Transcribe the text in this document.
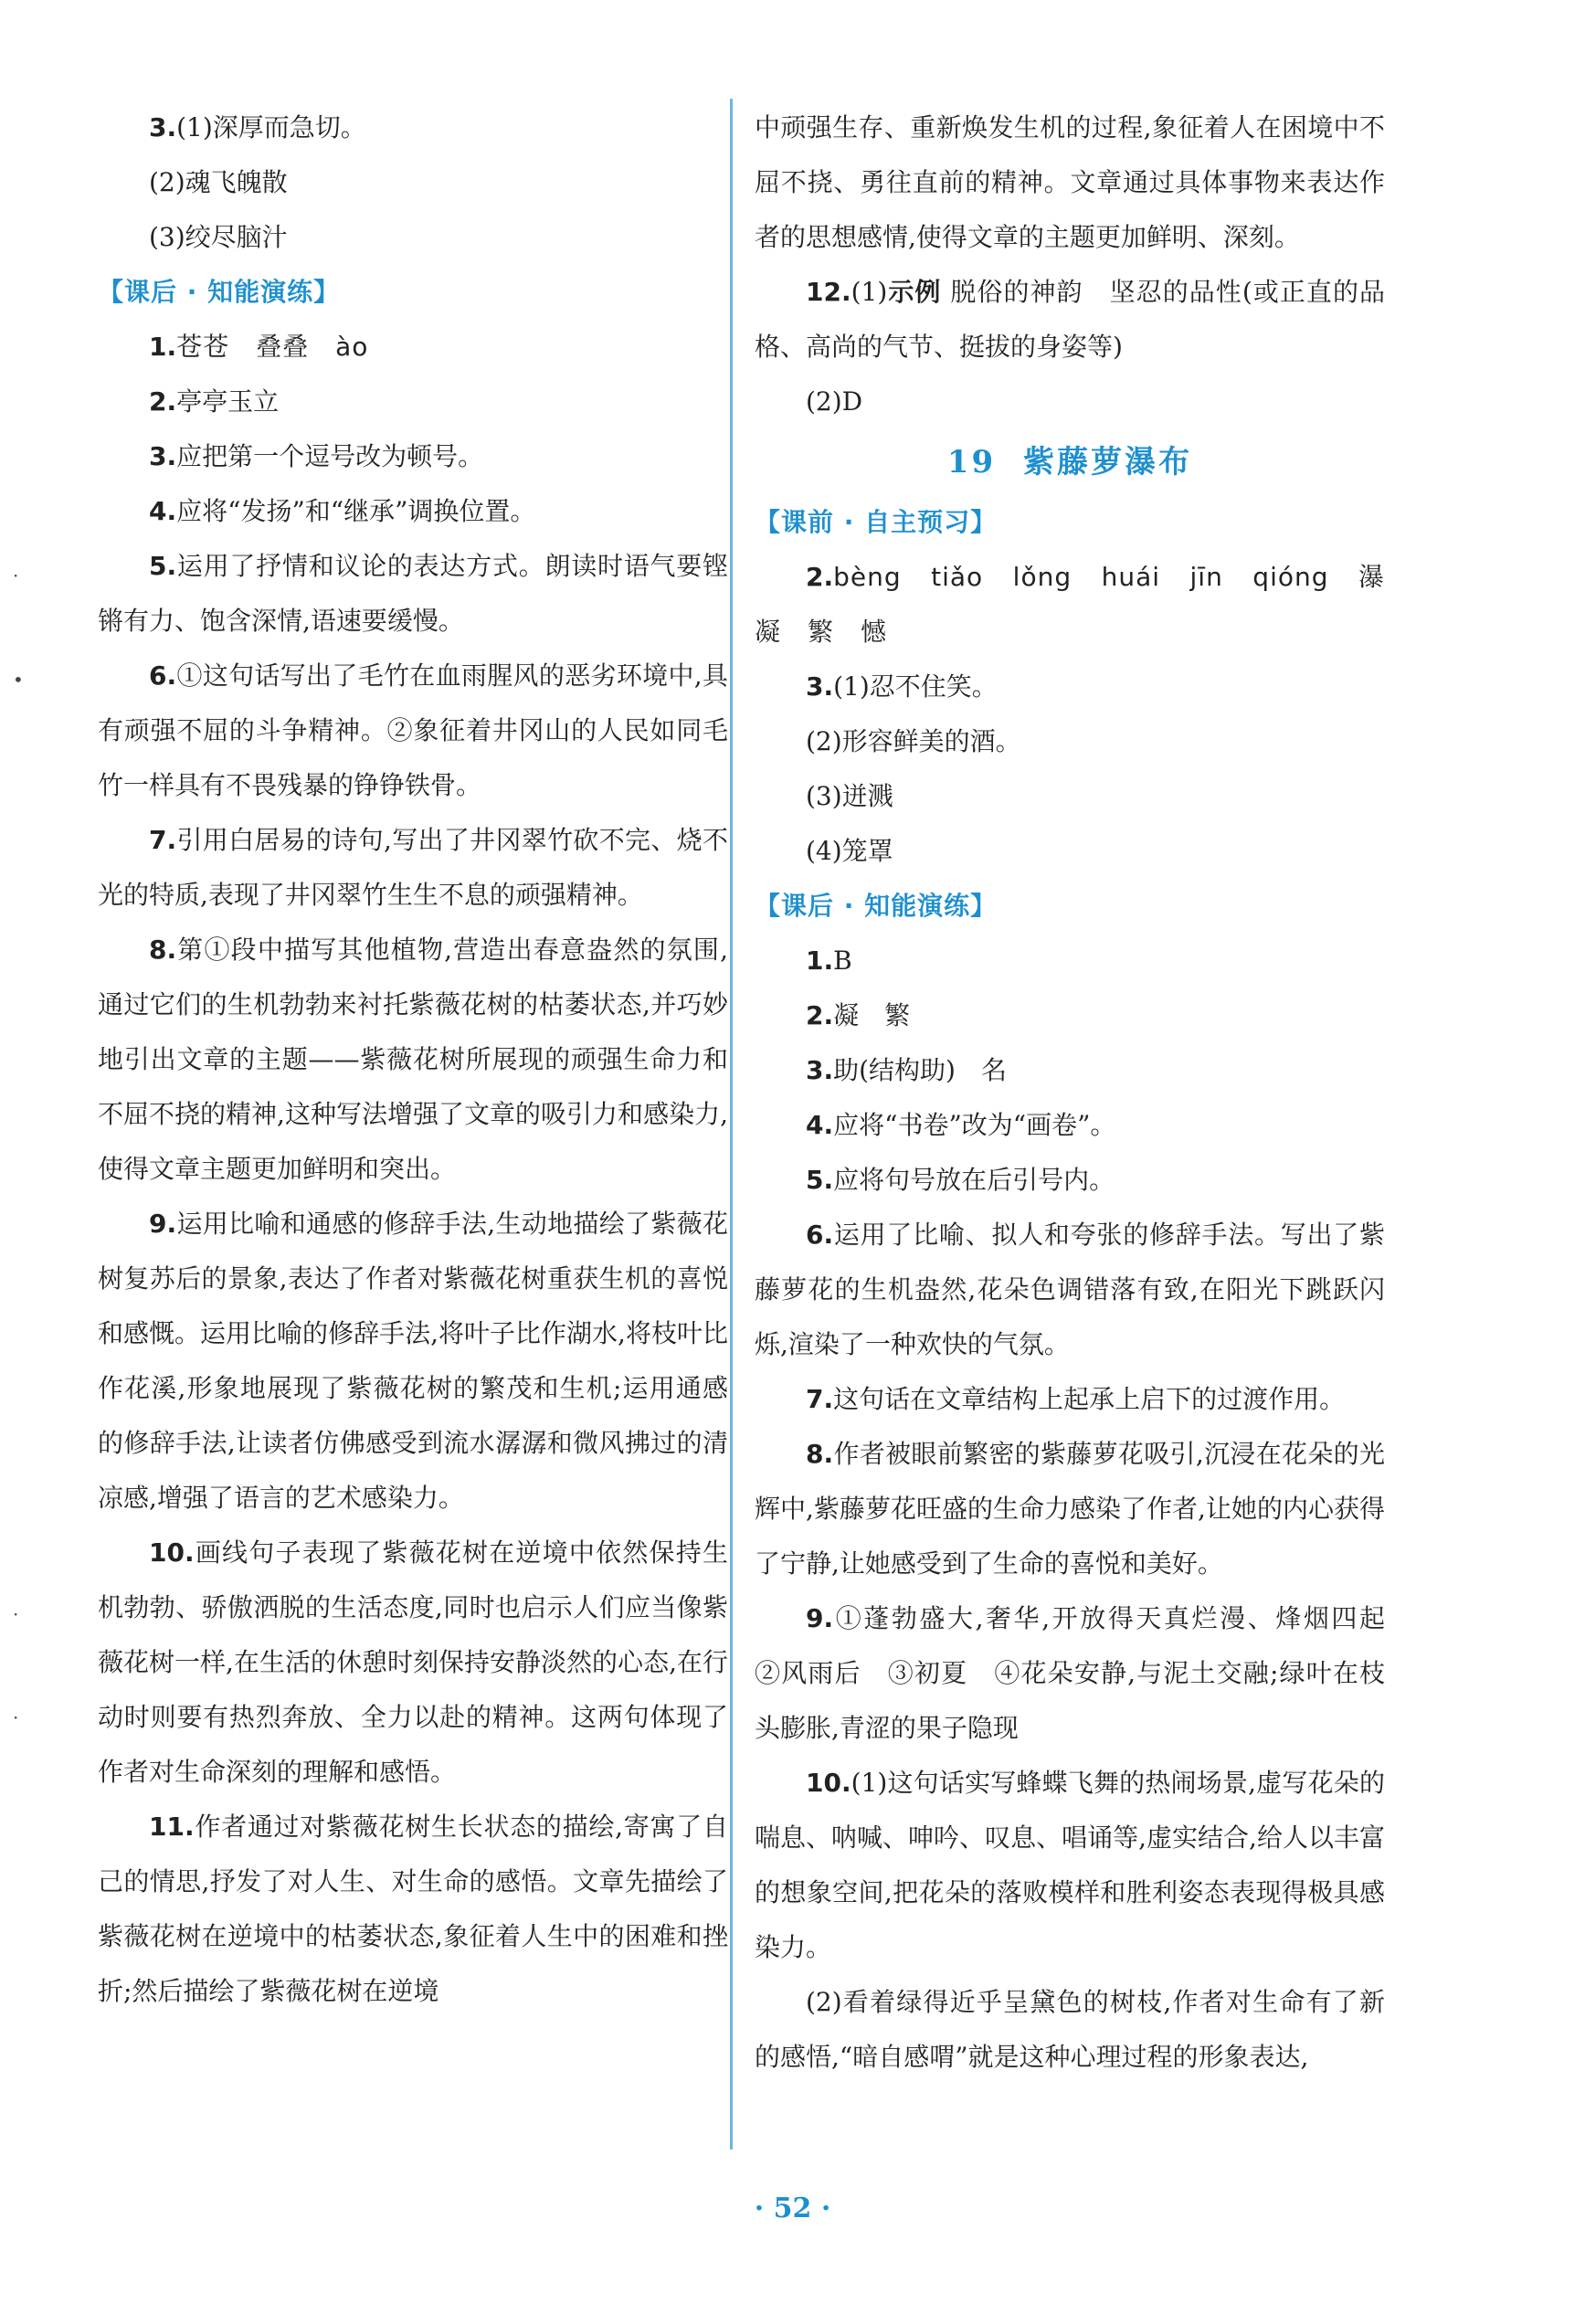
3.(1)深厚而急切。

(2)魂飞魄散

(3)绞尽脑汁

【课后 · 知能演练】

1.苍苍　叠叠　ào

2.亭亭玉立

3.应把第一个逗号改为顿号。

4.应将“发扬”和“继承”调换位置。

5.运用了抒情和议论的表达方式。朗读时语气要铿锵有力、饱含深情,语速要缓慢。

6.①这句话写出了毛竹在血雨腥风的恶劣环境中,具有顽强不屈的斗争精神。②象征着井冈山的人民如同毛竹一样具有不畏残暴的铮铮铁骨。

7.引用白居易的诗句,写出了井冈翠竹砍不完、烧不光的特质,表现了井冈翠竹生生不息的顽强精神。

8.第①段中描写其他植物,营造出春意盎然的氛围,通过它们的生机勃勃来衬托紫薇花树的枯萎状态,并巧妙地引出文章的主题——紫薇花树所展现的顽强生命力和不屈不挠的精神,这种写法增强了文章的吸引力和感染力,使得文章主题更加鲜明和突出。

9.运用比喻和通感的修辞手法,生动地描绘了紫薇花树复苏后的景象,表达了作者对紫薇花树重获生机的喜悦和感慨。运用比喻的修辞手法,将叶子比作湖水,将枝叶比作花溪,形象地展现了紫薇花树的繁茂和生机;运用通感的修辞手法,让读者仿佛感受到流水潺潺和微风拂过的清凉感,增强了语言的艺术感染力。

10.画线句子表现了紫薇花树在逆境中依然保持生机勃勃、骄傲洒脱的生活态度,同时也启示人们应当像紫薇花树一样,在生活的休憩时刻保持安静淡然的心态,在行动时则要有热烈奔放、全力以赴的精神。这两句体现了作者对生命深刻的理解和感悟。

11.作者通过对紫薇花树生长状态的描绘,寄寓了自己的情思,抒发了对人生、对生命的感悟。文章先描绘了紫薇花树在逆境中的枯萎状态,象征着人生中的困难和挫折;然后描绘了紫薇花树在逆境

中顽强生存、重新焕发生机的过程,象征着人在困境中不屈不挠、勇往直前的精神。文章通过具体事物来表达作者的思想感情,使得文章的主题更加鲜明、深刻。

12.(1)示例 脱俗的神韵　坚忍的品性(或正直的品格、高尚的气节、挺拔的身姿等)

(2)D

19 紫藤萝瀑布

【课前 · 自主预习】

2.bèng　tiǎo　lǒng　huái　jīn　qióng　瀑　凝　繁　憾

3.(1)忍不住笑。

(2)形容鲜美的酒。

(3)迸溅

(4)笼罩

【课后 · 知能演练】

1.B

2.凝　繁

3.助(结构助)　名

4.应将“书卷”改为“画卷”。

5.应将句号放在后引号内。

6.运用了比喻、拟人和夸张的修辞手法。写出了紫藤萝花的生机盎然,花朵色调错落有致,在阳光下跳跃闪烁,渲染了一种欢快的气氛。

7.这句话在文章结构上起承上启下的过渡作用。

8.作者被眼前繁密的紫藤萝花吸引,沉浸在花朵的光辉中,紫藤萝花旺盛的生命力感染了作者,让她的内心获得了宁静,让她感受到了生命的喜悦和美好。

9.①蓬勃盛大,奢华,开放得天真烂漫、烽烟四起　②风雨后　③初夏　④花朵安静,与泥土交融;绿叶在枝头膨胀,青涩的果子隐现

10.(1)这句话实写蜂蝶飞舞的热闹场景,虚写花朵的喘息、呐喊、呻吟、叹息、唱诵等,虚实结合,给人以丰富的想象空间,把花朵的落败模样和胜利姿态表现得极具感染力。

(2)看着绿得近乎呈黛色的树枝,作者对生命有了新的感悟,“暗自感喟”就是这种心理过程的形象表达,

· 52 ·
·
•
·
·
